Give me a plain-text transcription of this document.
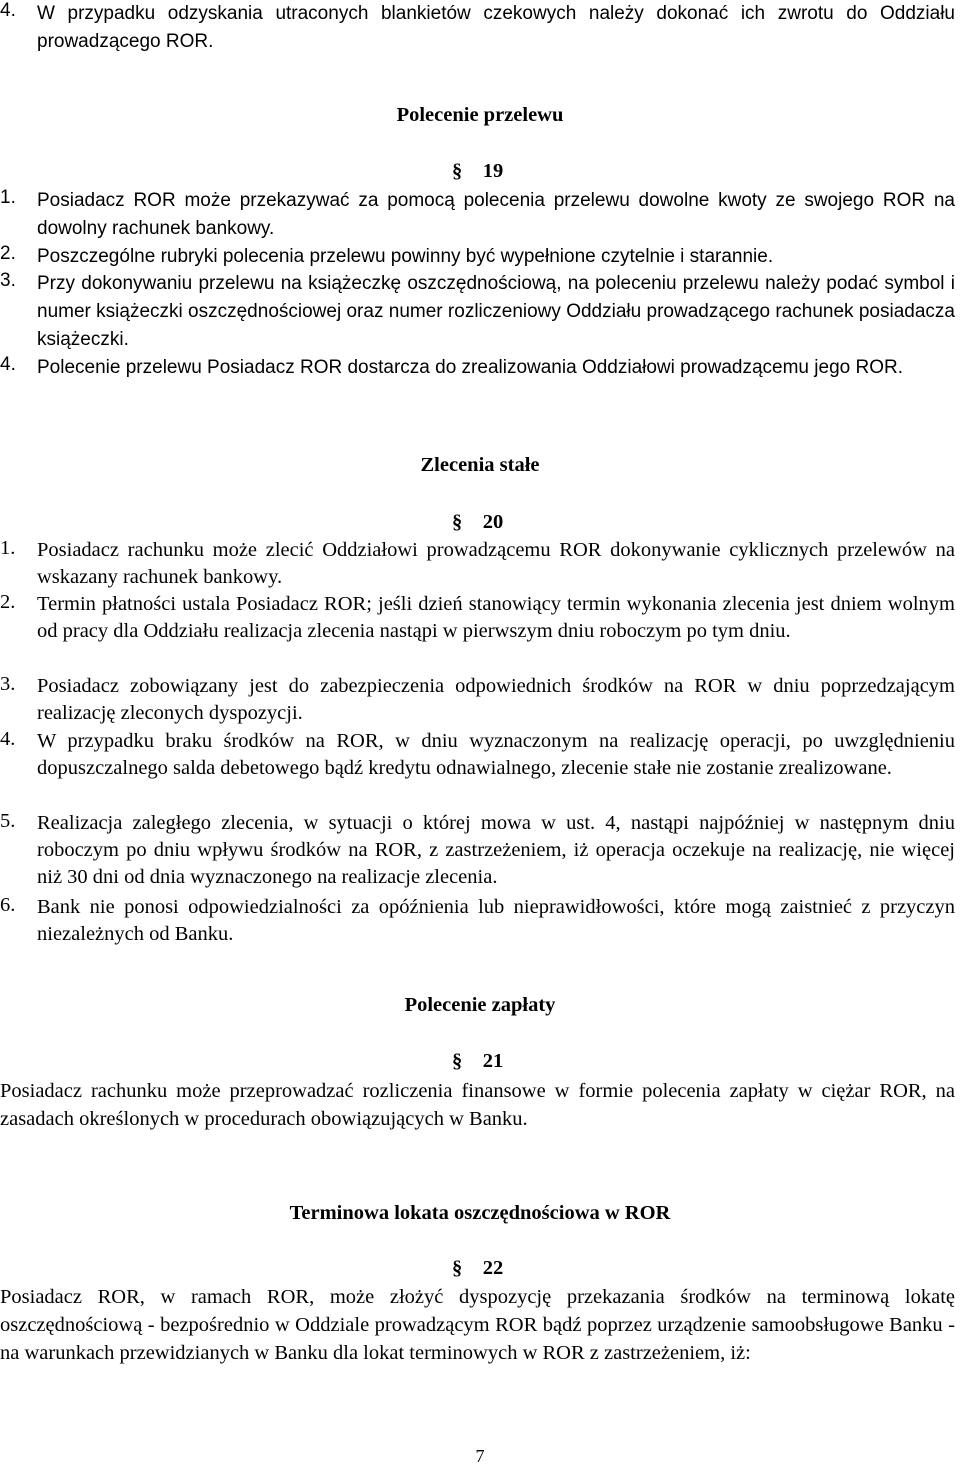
4. W przypadku odzyskania utraconych blankietów czekowych należy dokonać ich zwrotu do Oddziału prowadzącego ROR.
Polecenie przelewu
§ 19
1. Posiadacz ROR może przekazywać za pomocą polecenia przelewu dowolne kwoty ze swojego ROR na dowolny rachunek bankowy.
2. Poszczególne rubryki polecenia przelewu powinny być wypełnione czytelnie i starannie.
3. Przy dokonywaniu przelewu na książeczkę oszczędnościową, na poleceniu przelewu należy podać symbol i numer książeczki oszczędnościowej oraz numer rozliczeniowy Oddziału prowadzącego rachunek posiadacza książeczki.
4. Polecenie przelewu Posiadacz ROR dostarcza do zrealizowania Oddziałowi prowadzącemu jego ROR.
Zlecenia stałe
§ 20
1. Posiadacz rachunku może zlecić Oddziałowi prowadzącemu ROR dokonywanie cyklicznych przelewów na wskazany rachunek bankowy.
2. Termin płatności ustala Posiadacz ROR; jeśli dzień stanowiący termin wykonania zlecenia jest dniem wolnym od pracy dla Oddziału realizacja zlecenia nastąpi w pierwszym dniu roboczym po tym dniu.
3. Posiadacz zobowiązany jest do zabezpieczenia odpowiednich środków na ROR w dniu poprzedzającym realizację zleconych dyspozycji.
4. W przypadku braku środków na ROR, w dniu wyznaczonym na realizację operacji, po uwzględnieniu dopuszczalnego salda debetowego bądź kredytu odnawialnego, zlecenie stałe nie zostanie zrealizowane.
5. Realizacja zaległego zlecenia, w sytuacji o której mowa w ust. 4, nastąpi najpóźniej w następnym dniu roboczym po dniu wpływu środków na ROR, z zastrzeżeniem, iż operacja oczekuje na realizację, nie więcej niż 30 dni od dnia wyznaczonego na realizacje zlecenia.
6. Bank nie ponosi odpowiedzialności za opóźnienia lub nieprawidłowości, które mogą zaistnieć z przyczyn niezależnych od Banku.
Polecenie zapłaty
§ 21
Posiadacz rachunku może przeprowadzać rozliczenia finansowe w formie polecenia zapłaty w ciężar ROR, na zasadach określonych w procedurach obowiązujących w Banku.
Terminowa lokata oszczędnościowa w ROR
§ 22
Posiadacz ROR, w ramach ROR, może złożyć dyspozycję przekazania środków na terminową lokatę oszczędnościową - bezpośrednio w Oddziale prowadzącym ROR bądź poprzez urządzenie samoobsługowe Banku - na warunkach przewidzianych w Banku dla lokat terminowych w ROR z zastrzeżeniem, iż:
7
